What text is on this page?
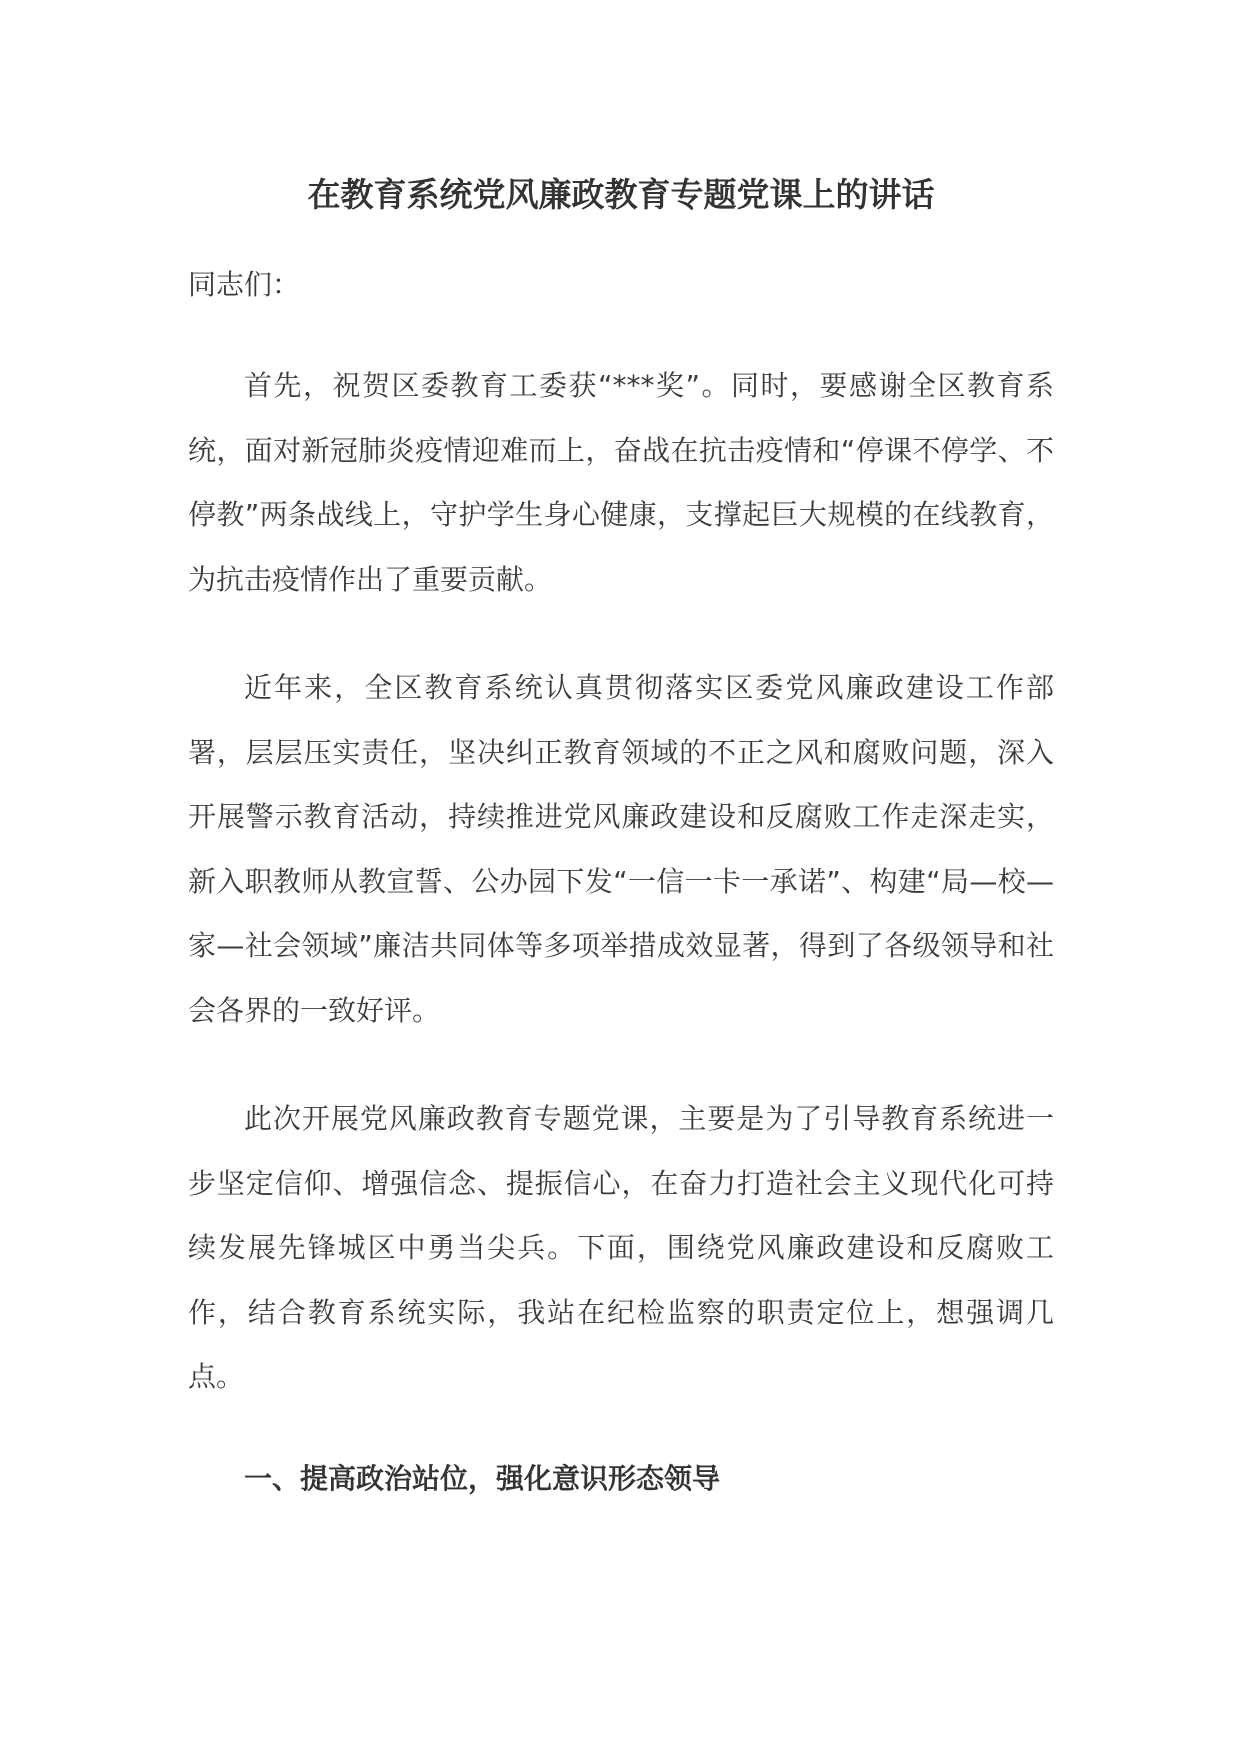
在教育系统党风廉政教育专题党课上的讲话

同志们：

首先，祝贺区委教育工委获“***奖”。同时，要感谢全区教育系统，面对新冠肺炎疫情迎难而上，奋战在抗击疫情和“停课不停学、不停教”两条战线上，守护学生身心健康，支撑起巨大规模的在线教育，为抗击疫情作出了重要贡献。

近年来，全区教育系统认真贯彻落实区委党风廉政建设工作部署，层层压实责任，坚决纠正教育领域的不正之风和腐败问题，深入开展警示教育活动，持续推进党风廉政建设和反腐败工作走深走实，新入职教师从教宣誓、公办园下发“一信一卡一承诺”、构建“局—校—家—社会领域”廉洁共同体等多项举措成效显著，得到了各级领导和社会各界的一致好评。

此次开展党风廉政教育专题党课，主要是为了引导教育系统进一步坚定信仰、增强信念、提振信心，在奋力打造社会主义现代化可持续发展先锋城区中勇当尖兵。下面，围绕党风廉政建设和反腐败工作，结合教育系统实际，我站在纪检监察的职责定位上，想强调几点。

一、提高政治站位，强化意识形态领导
